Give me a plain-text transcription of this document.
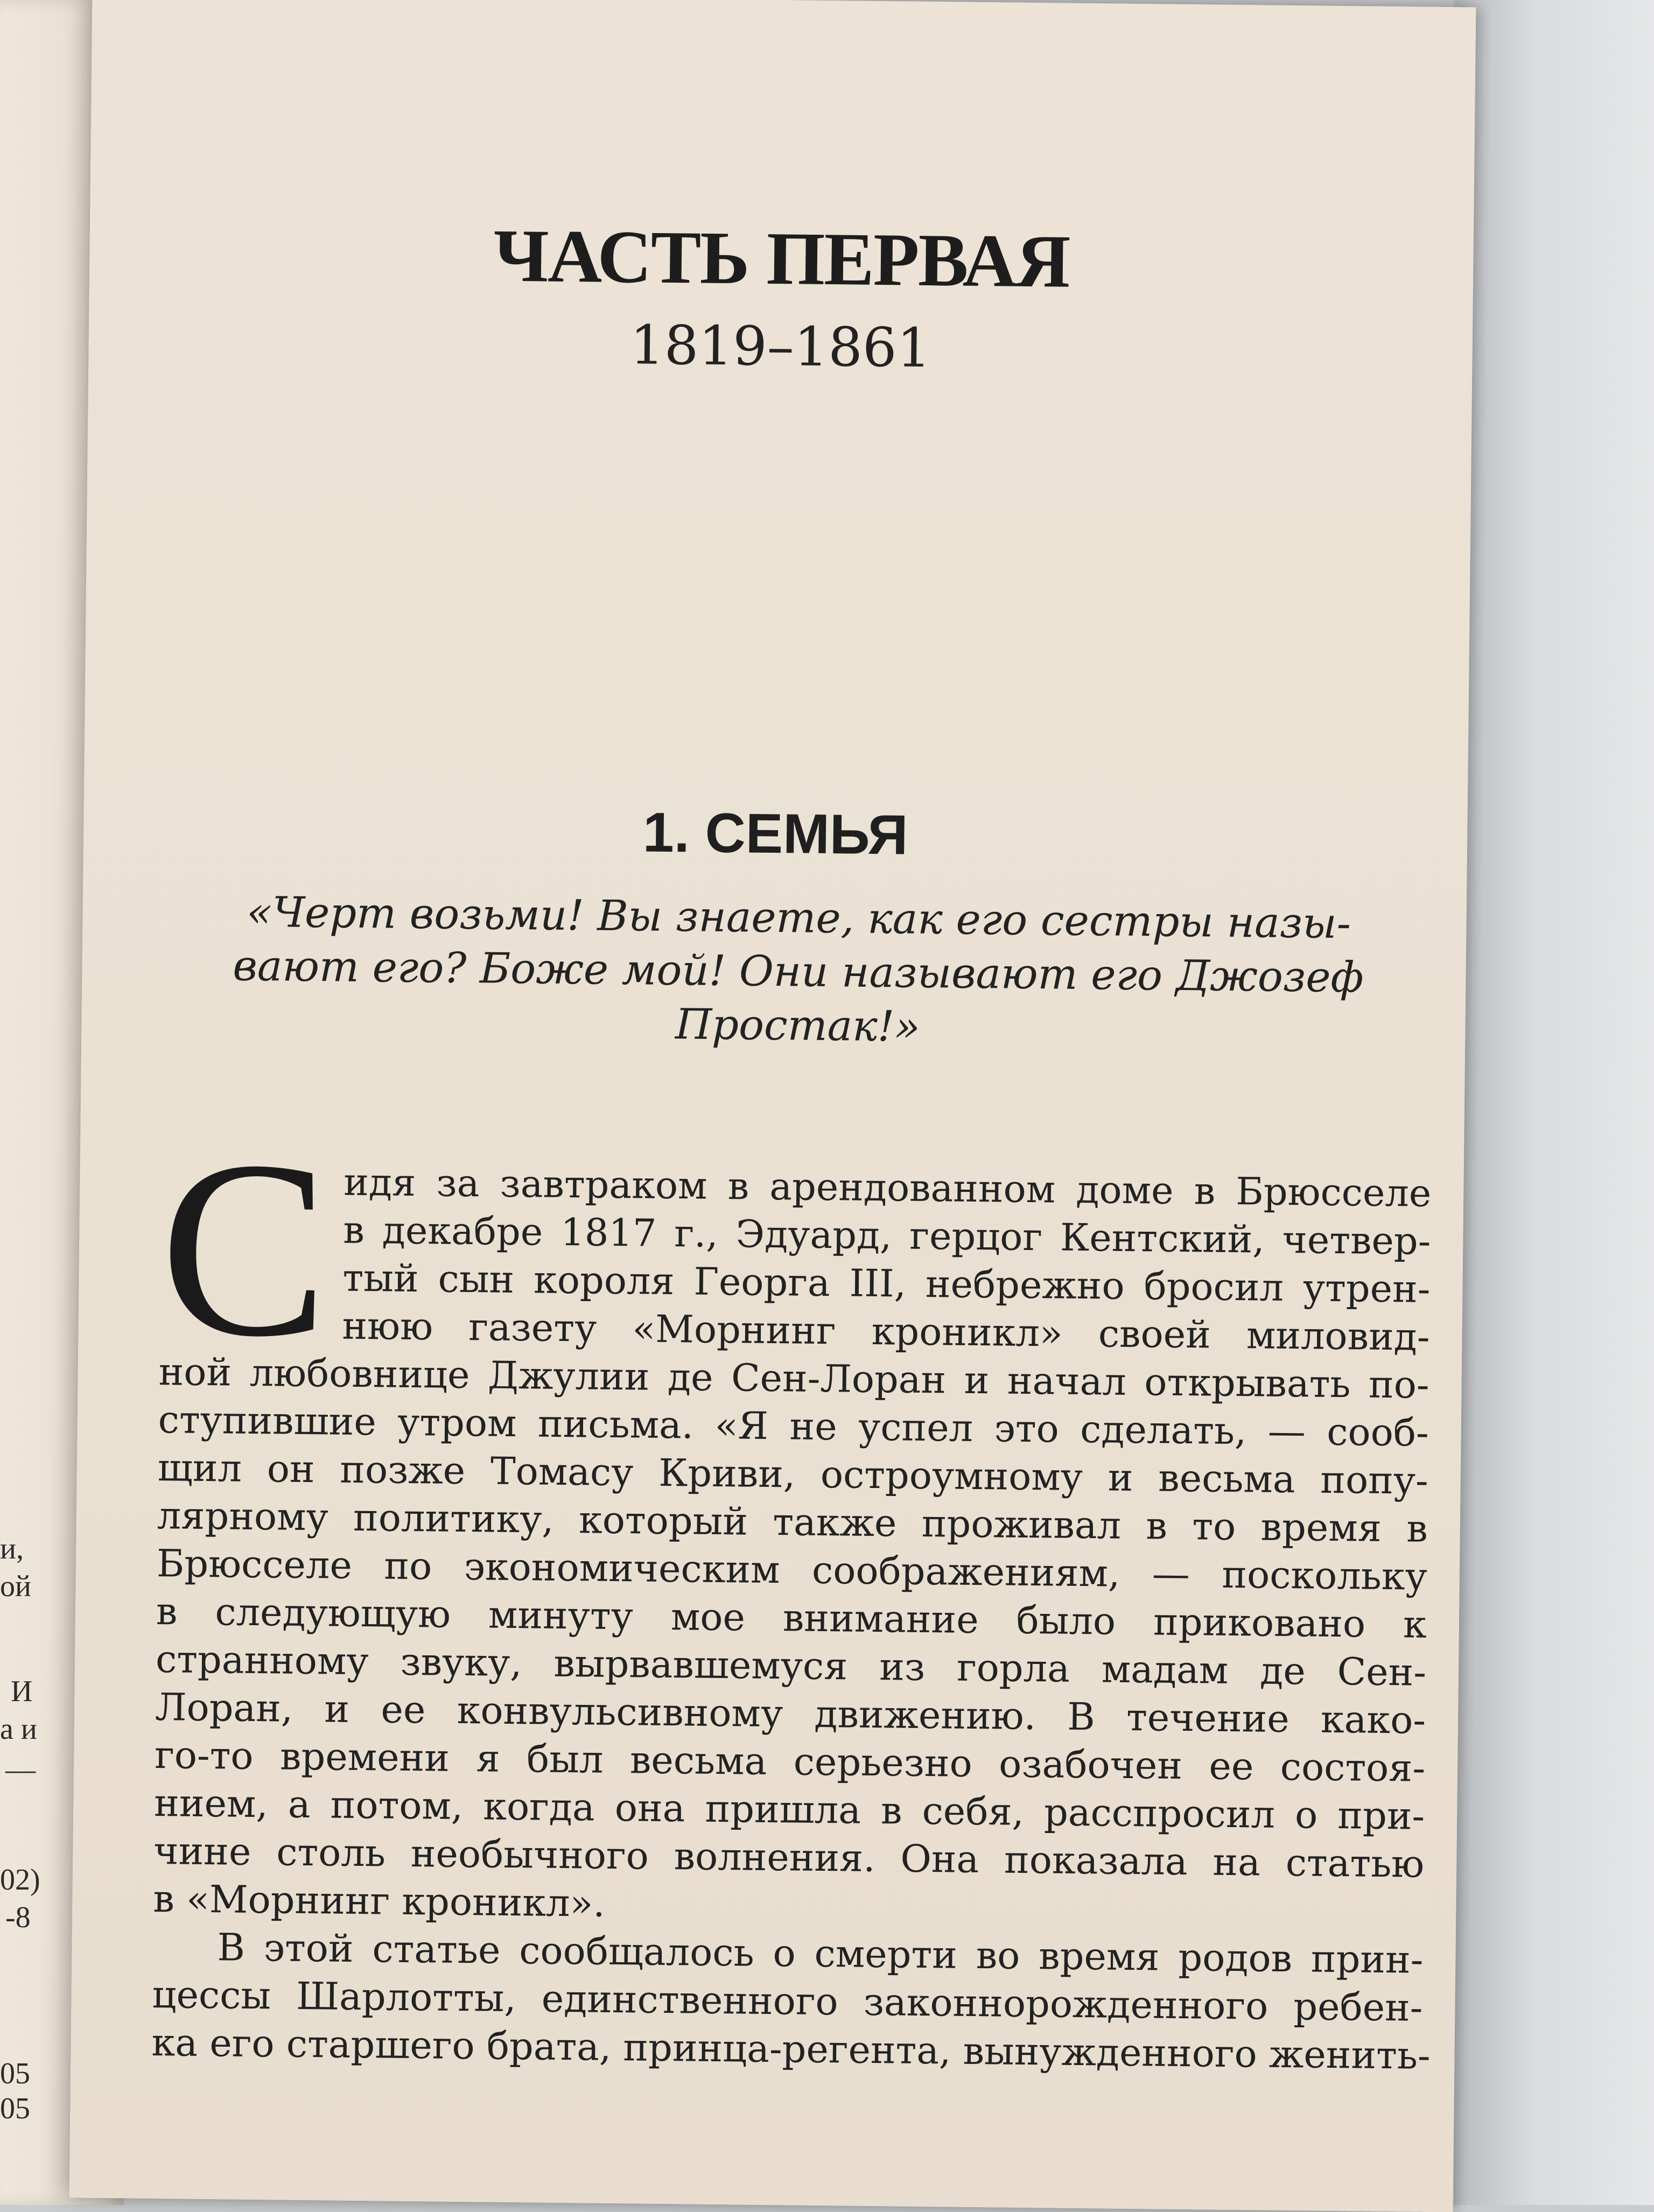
и,
ой
И
а и
—
02)
-8
05
05
ЧАСТЬ ПЕРВАЯ
1819–1861
1. СЕМЬЯ
«Черт возьми! Вы знаете, как его сестры назы-
вают его? Боже мой! Они называют его Джозеф
Простак!»
С идя за завтраком в арендованном доме в Брюсселе
в декабре 1817 г., Эдуард, герцог Кентский, четвер-
тый сын короля Георга III, небрежно бросил утрен-
нюю газету «Морнинг кроникл» своей миловид-
ной любовнице Джулии де Сен-Лоран и начал открывать по-
ступившие утром письма. «Я не успел это сделать, — сооб-
щил он позже Томасу Криви, остроумному и весьма попу-
лярному политику, который также проживал в то время в
Брюсселе по экономическим соображениям, — поскольку
в следующую минуту мое внимание было приковано к
странному звуку, вырвавшемуся из горла мадам де Сен-
Лоран, и ее конвульсивному движению. В течение како-
го-то времени я был весьма серьезно озабочен ее состоя-
нием, а потом, когда она пришла в себя, расспросил о при-
чине столь необычного волнения. Она показала на статью
в «Морнинг кроникл».
В этой статье сообщалось о смерти во время родов прин-
цессы Шарлотты, единственного законнорожденного ребен-
ка его старшего брата, принца-регента, вынужденного женить-
